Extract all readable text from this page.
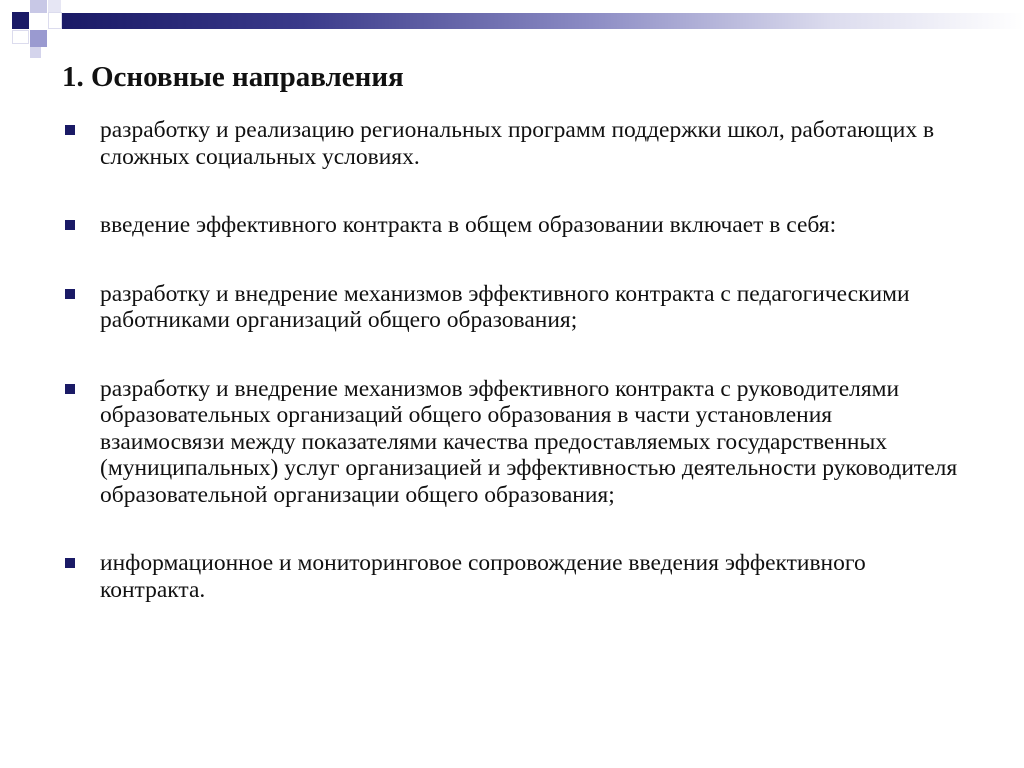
1. Основные направления
разработку и реализацию региональных программ поддержки школ, работающих в сложных социальных условиях.
введение эффективного контракта в общем образовании включает в себя:
разработку и внедрение механизмов эффективного контракта с педагогическими работниками организаций общего образования;
разработку и внедрение механизмов эффективного контракта с руководителями образовательных организаций общего образования в части установления взаимосвязи между показателями качества предоставляемых государственных (муниципальных) услуг организацией и эффективностью деятельности руководителя образовательной организации общего образования;
информационное и мониторинговое сопровождение введения эффективного контракта.
